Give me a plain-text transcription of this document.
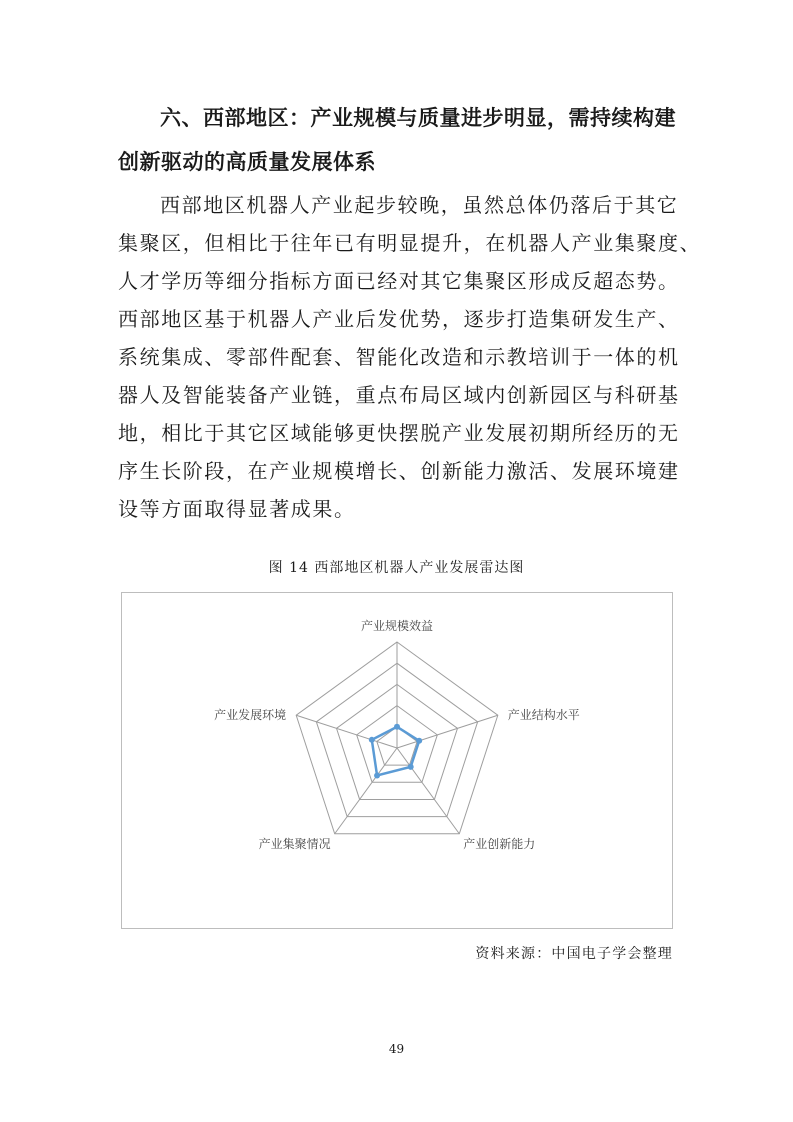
六、西部地区：产业规模与质量进步明显，需持续构建
创新驱动的高质量发展体系
西部地区机器人产业起步较晚，虽然总体仍落后于其它
集聚区，但相比于往年已有明显提升，在机器人产业集聚度、
人才学历等细分指标方面已经对其它集聚区形成反超态势。
西部地区基于机器人产业后发优势，逐步打造集研发生产、
系统集成、零部件配套、智能化改造和示教培训于一体的机
器人及智能装备产业链，重点布局区域内创新园区与科研基
地，相比于其它区域能够更快摆脱产业发展初期所经历的无
序生长阶段，在产业规模增长、创新能力激活、发展环境建
设等方面取得显著成果。
图 14 西部地区机器人产业发展雷达图
产业规模效益
产业结构水平
产业创新能力
产业集聚情况
产业发展环境
资料来源：中国电子学会整理
49
